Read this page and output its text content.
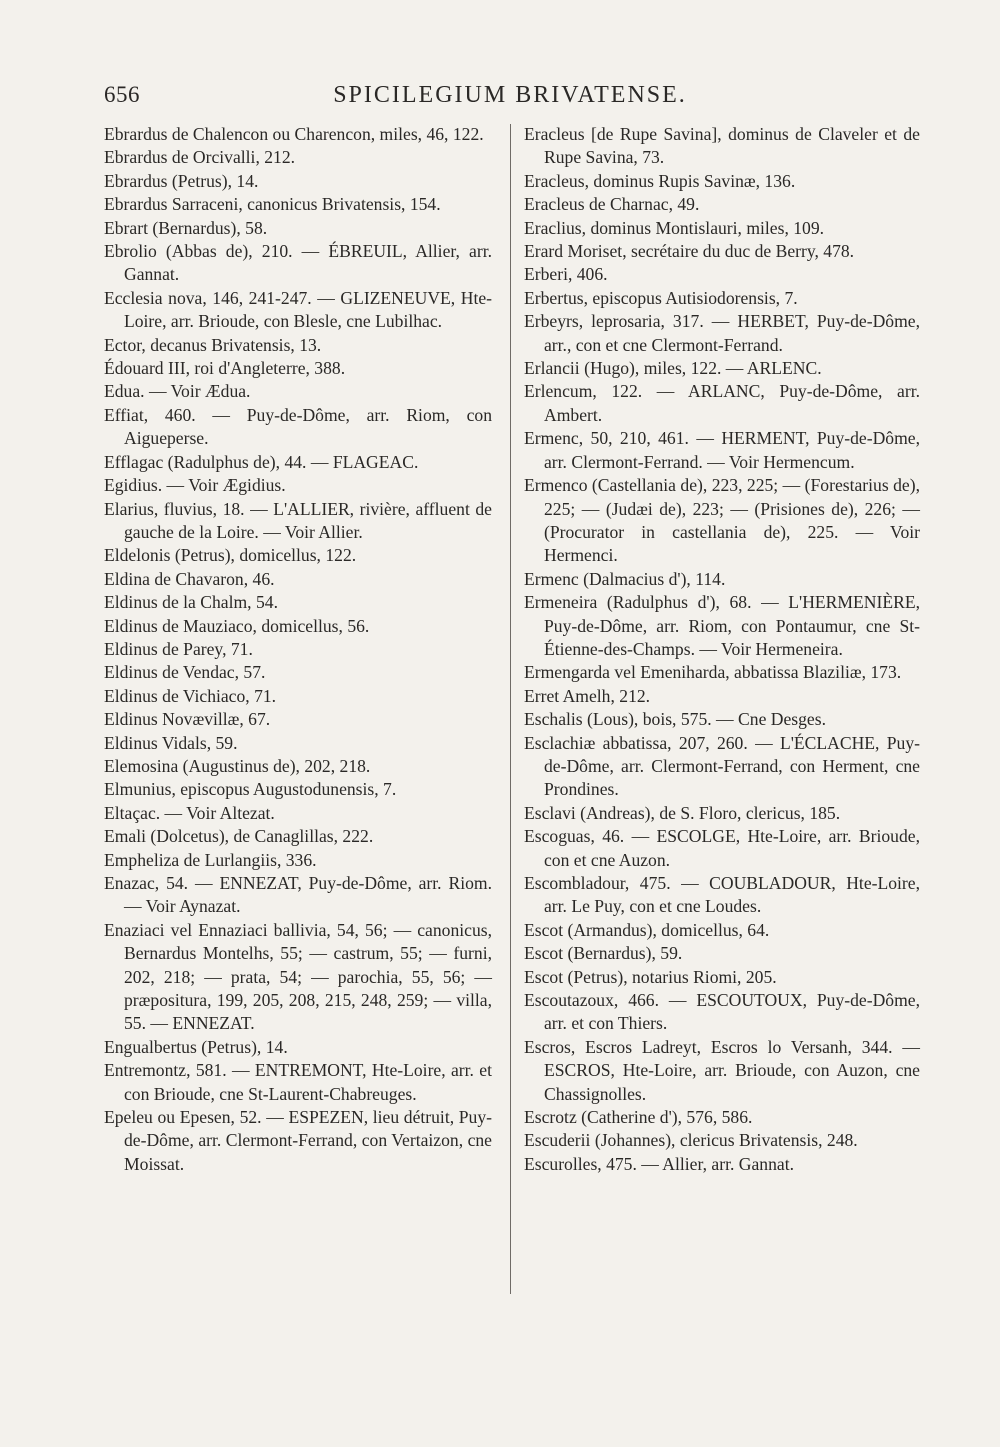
656	SPICILEGIUM BRIVATENSE.
Ebrardus de Chalencon ou Charencon, miles, 46, 122.
Ebrardus de Orcivalli, 212.
Ebrardus (Petrus), 14.
Ebrardus Sarraceni, canonicus Brivatensis, 154.
Ebrart (Bernardus), 58.
Ebrolio (Abbas de), 210. — ÉBREUIL, Allier, arr. Gannat.
Ecclesia nova, 146, 241-247. — GLIZENEUVE, Hte-Loire, arr. Brioude, con Blesle, cne Lubilhac.
Ector, decanus Brivatensis, 13.
Édouard III, roi d'Angleterre, 388.
Edua. — Voir Ædua.
Effiat, 460. — Puy-de-Dôme, arr. Riom, con Aigueperse.
Efflagac (Radulphus de), 44. — FLAGEAC.
Egidius. — Voir Ægidius.
Elarius, fluvius, 18. — L'ALLIER, rivière, affluent de gauche de la Loire. — Voir Allier.
Eldelonis (Petrus), domicellus, 122.
Eldina de Chavaron, 46.
Eldinus de la Chalm, 54.
Eldinus de Mauziaco, domicellus, 56.
Eldinus de Parey, 71.
Eldinus de Vendac, 57.
Eldinus de Vichiaco, 71.
Eldinus Novævillæ, 67.
Eldinus Vidals, 59.
Elemosina (Augustinus de), 202, 218.
Elmunius, episcopus Augustodunensis, 7.
Eltaçac. — Voir Altezat.
Emali (Dolcetus), de Canaglillas, 222.
Empheliza de Lurlangiis, 336.
Enazac, 54. — ENNEZAT, Puy-de-Dôme, arr. Riom. — Voir Aynazat.
Enaziaci vel Ennaziaci ballivia, 54, 56; — canonicus, Bernardus Montelhs, 55; — castrum, 55; — furni, 202, 218; — prata, 54; — parochia, 55, 56; — præpositura, 199, 205, 208, 215, 248, 259; — villa, 55. — ENNEZAT.
Engualbertus (Petrus), 14.
Entremontz, 581. — ENTREMONT, Hte-Loire, arr. et con Brioude, cne St-Laurent-Chabreuges.
Epeleu ou Epesen, 52. — ESPEZEN, lieu détruit, Puy-de-Dôme, arr. Clermont-Ferrand, con Vertaizon, cne Moissat.
Eracleus [de Rupe Savina], dominus de Claveler et de Rupe Savina, 73.
Eracleus, dominus Rupis Savinæ, 136.
Eracleus de Charnac, 49.
Eraclius, dominus Montislauri, miles, 109.
Erard Moriset, secrétaire du duc de Berry, 478.
Erberi, 406.
Erbertus, episcopus Autisiodorensis, 7.
Erbeyrs, leprosaria, 317. — HERBET, Puy-de-Dôme, arr., con et cne Clermont-Ferrand.
Erlancii (Hugo), miles, 122. — ARLENC.
Erlencum, 122. — ARLANC, Puy-de-Dôme, arr. Ambert.
Ermenc, 50, 210, 461. — HERMENT, Puy-de-Dôme, arr. Clermont-Ferrand. — Voir Hermencum.
Ermenco (Castellania de), 223, 225; — (Forestarius de), 225; — (Judæi de), 223; — (Prisiones de), 226; — (Procurator in castellania de), 225. — Voir Hermenci.
Ermenc (Dalmacius d'), 114.
Ermeneira (Radulphus d'), 68. — L'HERMENIÈRE, Puy-de-Dôme, arr. Riom, con Pontaumur, cne St-Étienne-des-Champs. — Voir Hermeneira.
Ermengarda vel Emeniharda, abbatissa Blaziliæ, 173.
Erret Amelh, 212.
Eschalis (Lous), bois, 575. — Cne Desges.
Esclachiæ abbatissa, 207, 260. — L'ÉCLACHE, Puy-de-Dôme, arr. Clermont-Ferrand, con Herment, cne Prondines.
Esclavi (Andreas), de S. Floro, clericus, 185.
Escoguas, 46. — ESCOLGE, Hte-Loire, arr. Brioude, con et cne Auzon.
Escombladour, 475. — COUBLADOUR, Hte-Loire, arr. Le Puy, con et cne Loudes.
Escot (Armandus), domicellus, 64.
Escot (Bernardus), 59.
Escot (Petrus), notarius Riomi, 205.
Escoutazoux, 466. — ESCOUTOUX, Puy-de-Dôme, arr. et con Thiers.
Escros, Escros Ladreyt, Escros lo Versanh, 344. — ESCROS, Hte-Loire, arr. Brioude, con Auzon, cne Chassignolles.
Escrotz (Catherine d'), 576, 586.
Escuderii (Johannes), clericus Brivatensis, 248.
Escurolles, 475. — Allier, arr. Gannat.
